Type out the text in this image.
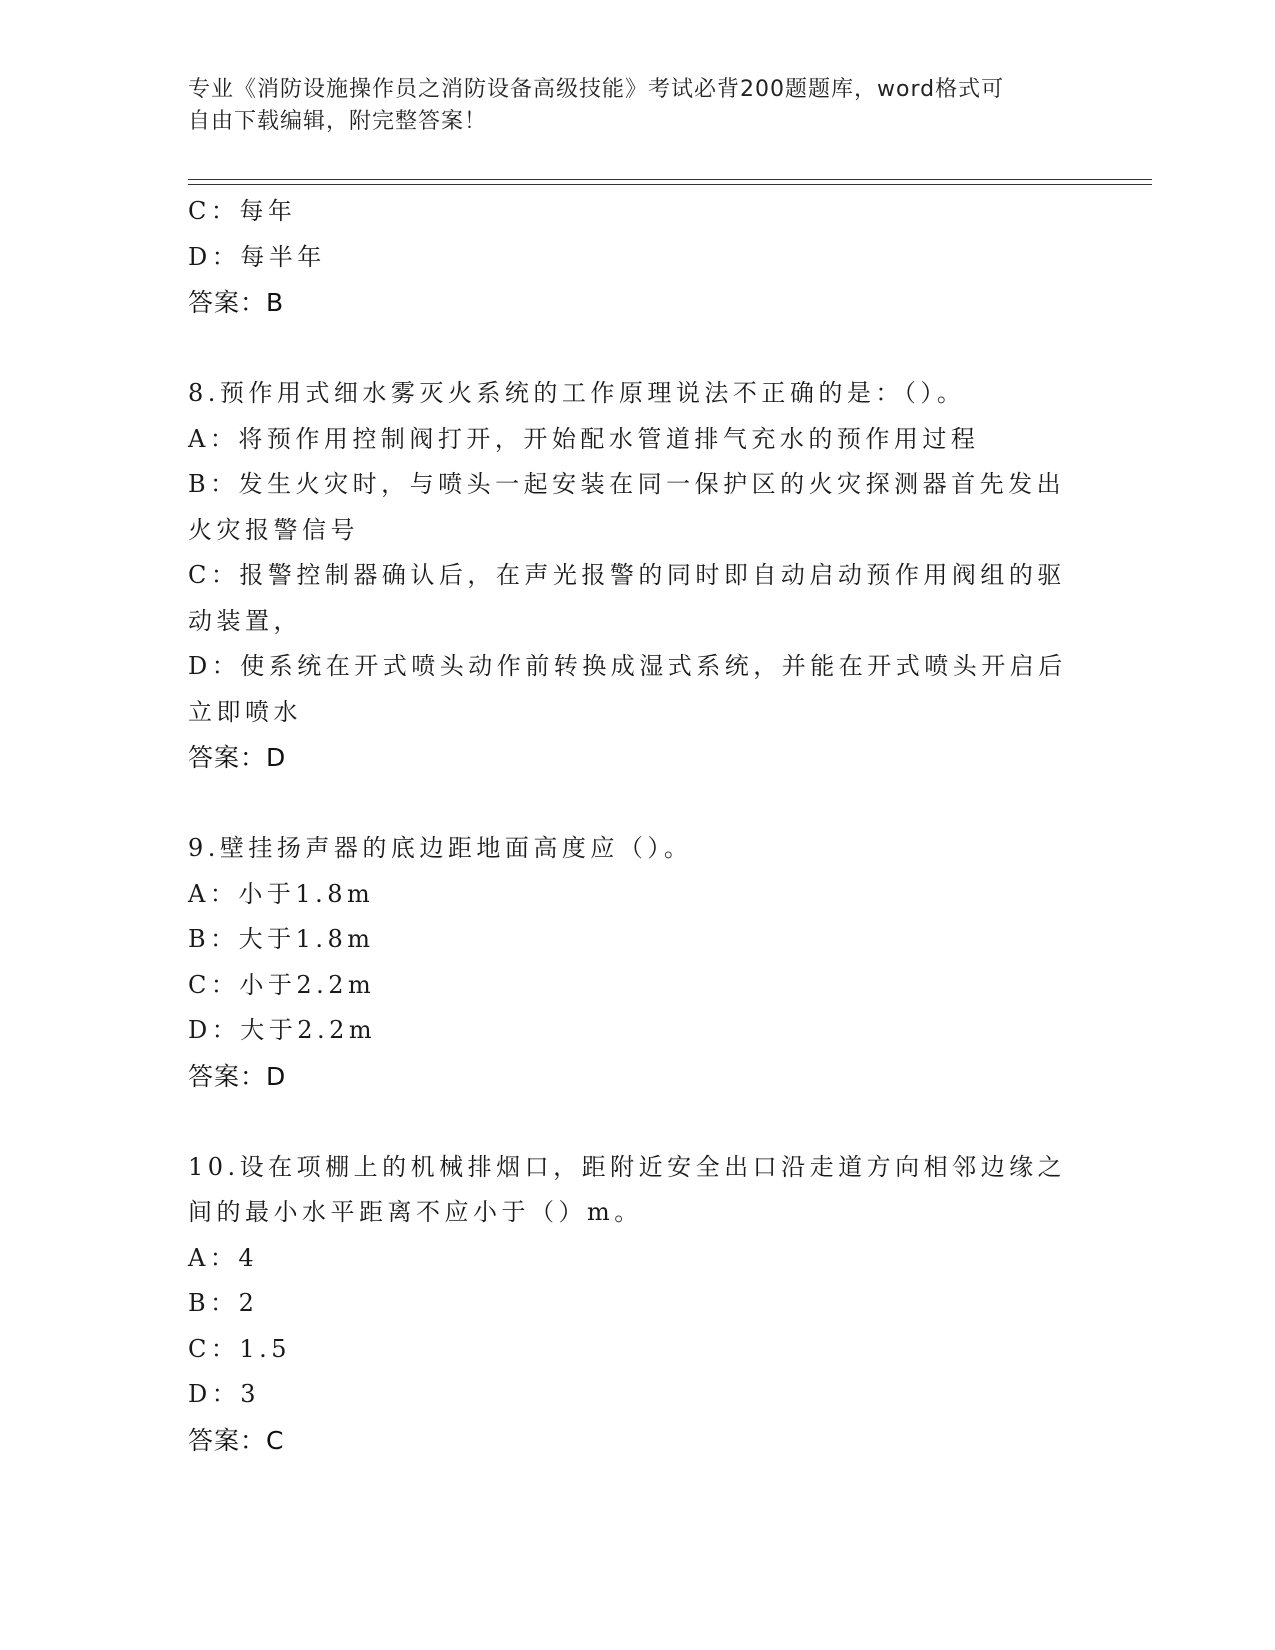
专业《消防设施操作员之消防设备高级技能》考试必背200题题库，word格式可
自由下载编辑，附完整答案！
C：每年
D：每半年
答案：B
8.预作用式细水雾灭火系统的工作原理说法不正确的是：（）。
A：将预作用控制阀打开，开始配水管道排气充水的预作用过程
B：发生火灾时，与喷头一起安装在同一保护区的火灾探测器首先发出
火灾报警信号
C：报警控制器确认后，在声光报警的同时即自动启动预作用阀组的驱
动装置，
D：使系统在开式喷头动作前转换成湿式系统，并能在开式喷头开启后
立即喷水
答案：D
9.壁挂扬声器的底边距地面高度应（）。
A：小于1.8m
B：大于1.8m
C：小于2.2m
D：大于2.2m
答案：D
10.设在项棚上的机械排烟口，距附近安全出口沿走道方向相邻边缘之
间的最小水平距离不应小于（）m。
A：4
B：2
C：1.5
D：3
答案：C
